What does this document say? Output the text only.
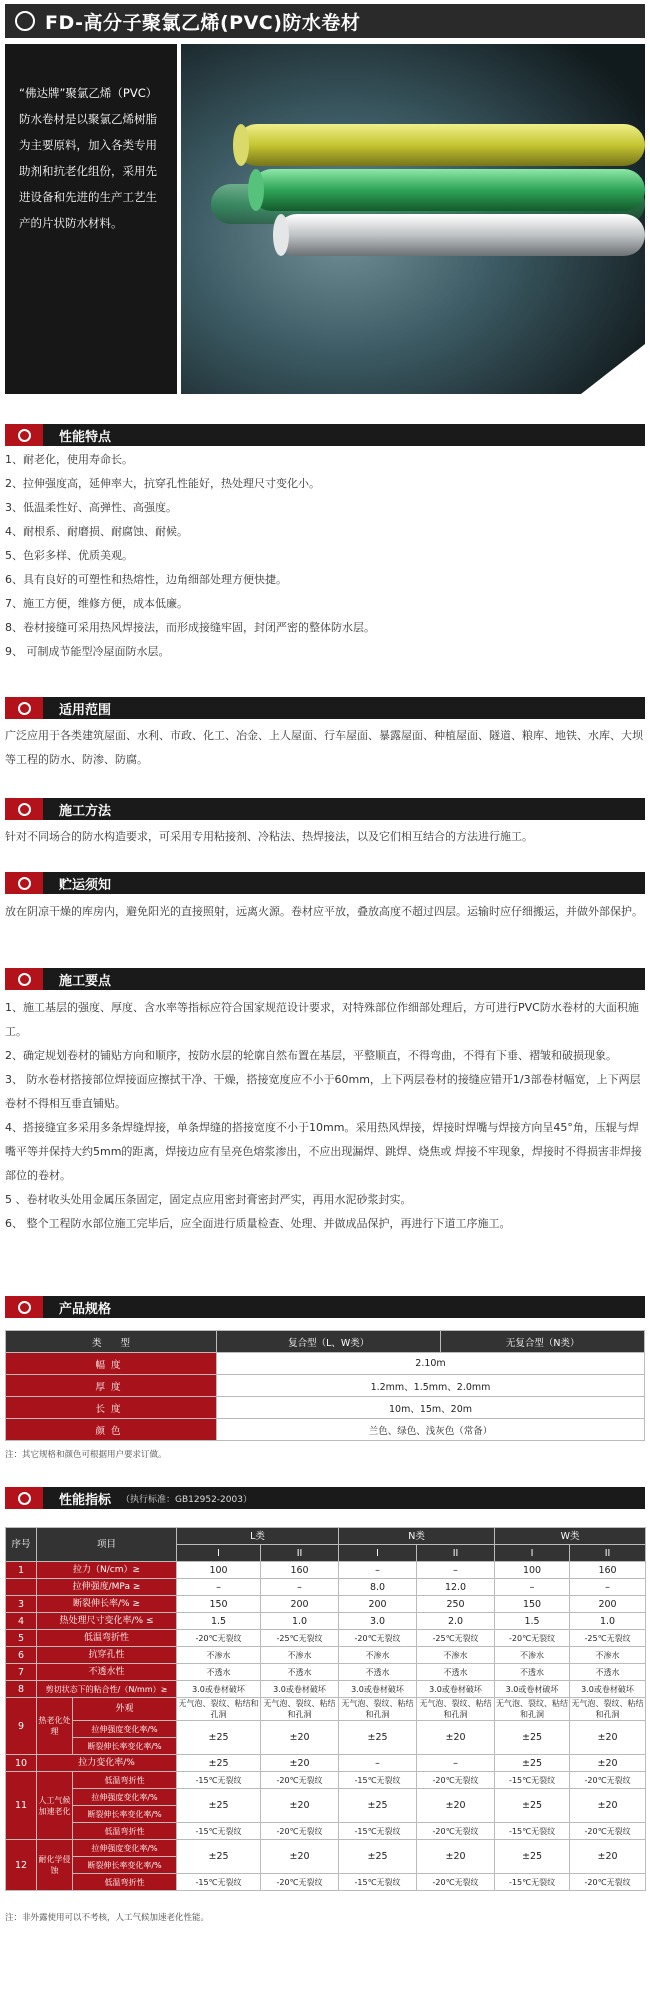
FD-高分子聚氯乙烯(PVC)防水卷材
“佛达牌”聚氯乙烯（PVC）防水卷材是以聚氯乙烯树脂为主要原料，加入各类专用助剂和抗老化组份，采用先进设备和先进的生产工艺生产的片状防水材料。
性能特点
1、耐老化，使用寿命长。
2、拉伸强度高，延伸率大，抗穿孔性能好，热处理尺寸变化小。
3、低温柔性好、高弹性、高强度。
4、耐根系、耐磨损、耐腐蚀、耐候。
5、色彩多样、优质美观。
6、具有良好的可塑性和热熔性，边角细部处理方便快捷。
7、施工方便，维修方便，成本低廉。
8、卷材接缝可采用热风焊接法，而形成接缝牢固，封闭严密的整体防水层。
9、 可制成节能型冷屋面防水层。
适用范围
广泛应用于各类建筑屋面、水利、市政、化工、冶金、上人屋面、行车屋面、暴露屋面、种植屋面、隧道、粮库、地铁、水库、大坝等工程的防水、防渗、防腐。
施工方法
针对不同场合的防水构造要求，可采用专用粘接剂、冷粘法、热焊接法，以及它们相互结合的方法进行施工。
贮运须知
放在阴凉干燥的库房内，避免阳光的直接照射，远离火源。卷材应平放，叠放高度不超过四层。运输时应仔细搬运，并做外部保护。
施工要点
1、施工基层的强度、厚度、含水率等指标应符合国家规范设计要求，对特殊部位作细部处理后，方可进行PVC防水卷材的大面积施工。
2、确定规划卷材的铺贴方向和顺序，按防水层的轮廓自然布置在基层，平整顺直，不得弯曲，不得有下垂、褶皱和破损现象。
3、 防水卷材搭接部位焊接面应擦拭干净、干燥，搭接宽度应不小于60mm，上下两层卷材的接缝应错开1/3部卷材幅宽，上下两层卷材不得相互垂直铺贴。
4、搭接缝宜多采用多条焊缝焊接，单条焊缝的搭接宽度不小于10mm。采用热风焊接，焊接时焊嘴与焊接方向呈45°角，压辊与焊嘴平等并保持大约5mm的距离，焊接边应有呈亮色熔浆渗出，不应出现漏焊、跳焊、烧焦或 焊接不牢现象，焊接时不得损害非焊接部位的卷材。
5 、卷材收头处用金属压条固定，固定点应用密封膏密封严实，再用水泥砂浆封实。
6、 整个工程防水部位施工完毕后，应全面进行质量检查、处理、并做成品保护，再进行下道工序施工。
产品规格
类　　型	复合型（L、W类）	无复合型（N类）
幅度	2.10m	
厚度	1.2mm、1.5mm、2.0mm	
长度	10m、15m、20m	
颜色	兰色、绿色、浅灰色（常备）	
注：其它规格和颜色可根据用户要求订做。
性能指标 （执行标准：GB12952-2003）
序号	项目		L类		N类		W类	
			I	II	I	II	I	II
1	拉力（N/cm）≥		100	160	–	–	100	160
	拉伸强度/MPa ≥		–	–	8.0	12.0	–	–
3	断裂伸长率/% ≥		150	200	200	250	150	200
4	热处理尺寸变化率/% ≤		1.5	1.0	3.0	2.0	1.5	1.0
5	低温弯折性		-20℃无裂纹	-25℃无裂纹	-20℃无裂纹	-25℃无裂纹	-20℃无裂纹	-25℃无裂纹
6	抗穿孔性		不渗水	不渗水	不渗水	不渗水	不渗水	不渗水
7	不透水性		不透水	不透水	不透水	不透水	不透水	不透水
8	剪切状态下的粘合性/（N/mm）≥		3.0或卷材破坏	3.0或卷材破坏	3.0或卷材破坏	3.0或卷材破坏	3.0或卷材破坏	3.0或卷材破坏
9	热老化处理	外观	无气泡、裂纹、粘结和孔洞	无气泡、裂纹、粘结和孔洞	无气泡、裂纹、粘结和孔洞	无气泡、裂纹、粘结和孔洞	无气泡、裂纹、粘结和孔洞	无气泡、裂纹、粘结和孔洞
		拉伸强度变化率/%	±25	±20	±25	±20	±25	±20
		断裂伸长率变化率/%						
10	拉力变化率/%		±25	±20	–	–	±25	±20
11	人工气候加速老化	低温弯折性	-15℃无裂纹	-20℃无裂纹	-15℃无裂纹	-20℃无裂纹	-15℃无裂纹	-20℃无裂纹
		拉伸强度变化率/%	±25	±20	±25	±20	±25	±20
		断裂伸长率变化率/%						
		低温弯折性	-15℃无裂纹	-20℃无裂纹	-15℃无裂纹	-20℃无裂纹	-15℃无裂纹	-20℃无裂纹
12	耐化学侵蚀	拉伸强度变化率/%	±25	±20	±25	±20	±25	±20
		断裂伸长率变化率/%						
		低温弯折性	-15℃无裂纹	-20℃无裂纹	-15℃无裂纹	-20℃无裂纹	-15℃无裂纹	-20℃无裂纹
注：非外露使用可以不考核，人工气候加速老化性能。
